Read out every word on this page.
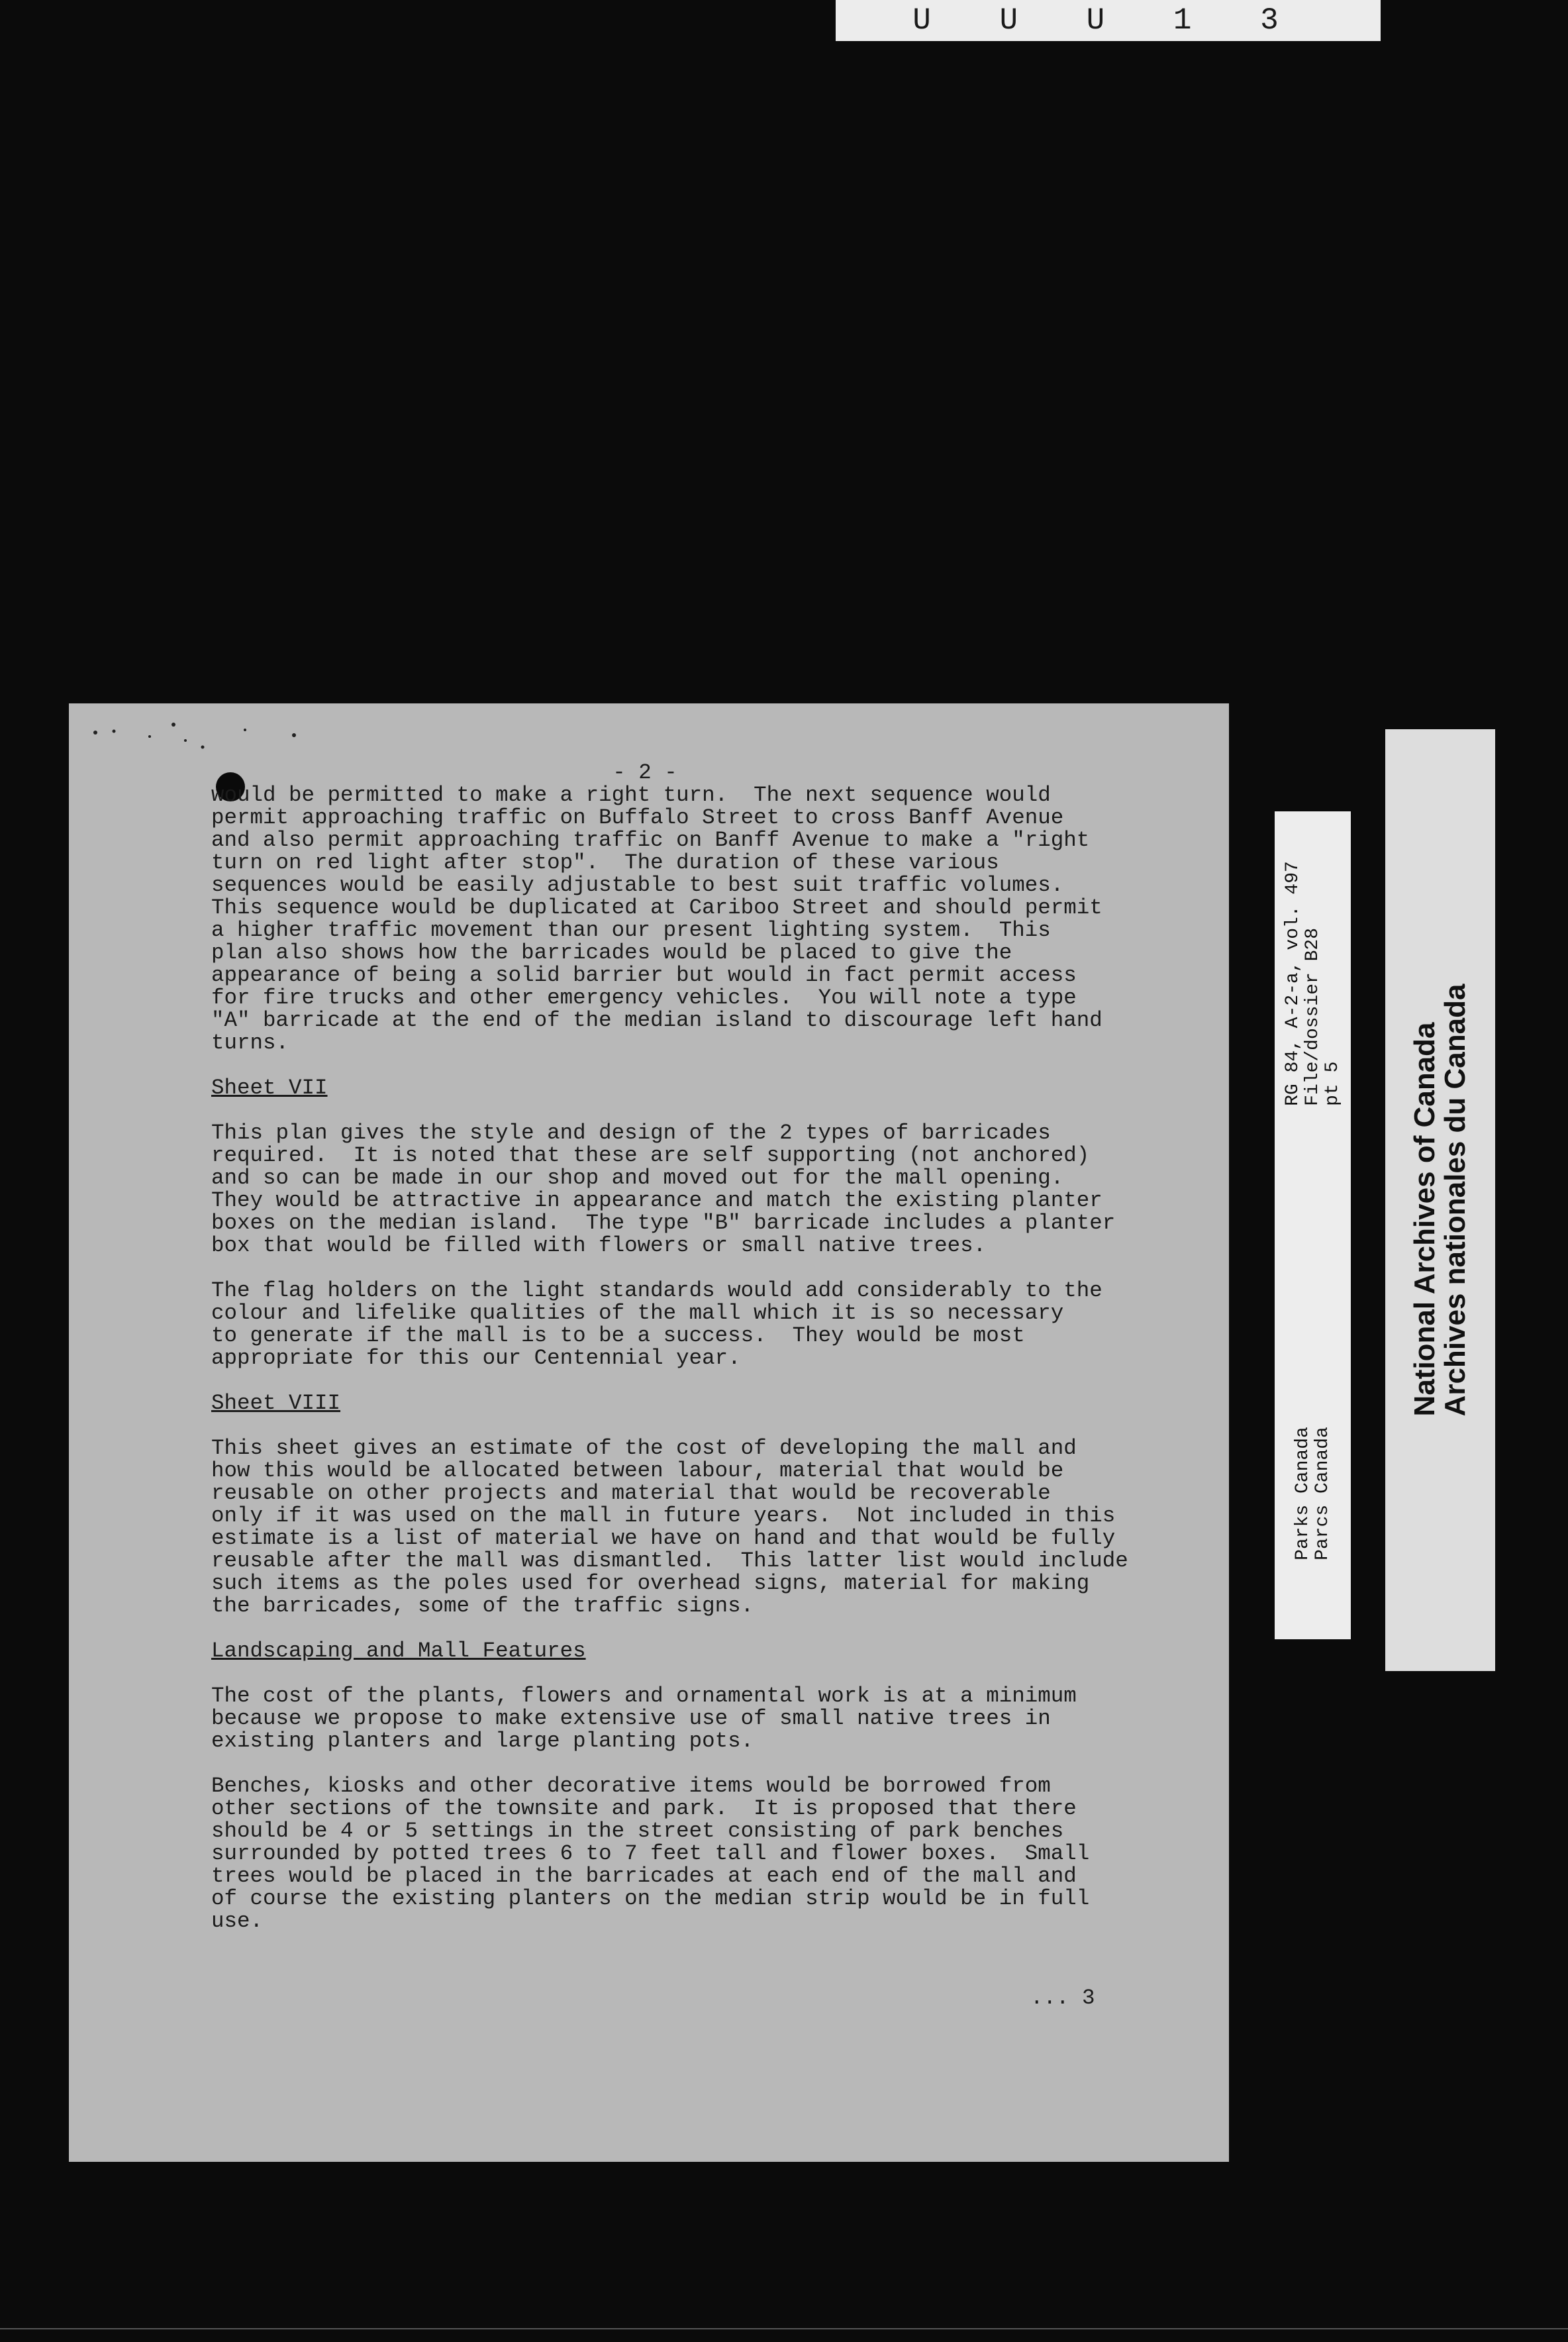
U U U 1 3
- 2 -
would be permitted to make a right turn.  The next sequence would
permit approaching traffic on Buffalo Street to cross Banff Avenue
and also permit approaching traffic on Banff Avenue to make a "right
turn on red light after stop".  The duration of these various
sequences would be easily adjustable to best suit traffic volumes.
This sequence would be duplicated at Cariboo Street and should permit
a higher traffic movement than our present lighting system.  This
plan also shows how the barricades would be placed to give the
appearance of being a solid barrier but would in fact permit access
for fire trucks and other emergency vehicles.  You will note a type
"A" barricade at the end of the median island to discourage left hand
turns.
Sheet VII
This plan gives the style and design of the 2 types of barricades
required.  It is noted that these are self supporting (not anchored)
and so can be made in our shop and moved out for the mall opening.
They would be attractive in appearance and match the existing planter
boxes on the median island.  The type "B" barricade includes a planter
box that would be filled with flowers or small native trees.
The flag holders on the light standards would add considerably to the
colour and lifelike qualities of the mall which it is so necessary
to generate if the mall is to be a success.  They would be most
appropriate for this our Centennial year.
Sheet VIII
This sheet gives an estimate of the cost of developing the mall and
how this would be allocated between labour, material that would be
reusable on other projects and material that would be recoverable
only if it was used on the mall in future years.  Not included in this
estimate is a list of material we have on hand and that would be fully
reusable after the mall was dismantled.  This latter list would include
such items as the poles used for overhead signs, material for making
the barricades, some of the traffic signs.
Landscaping and Mall Features
The cost of the plants, flowers and ornamental work is at a minimum
because we propose to make extensive use of small native trees in
existing planters and large planting pots.
Benches, kiosks and other decorative items would be borrowed from
other sections of the townsite and park.  It is proposed that there
should be 4 or 5 settings in the street consisting of park benches
surrounded by potted trees 6 to 7 feet tall and flower boxes.  Small
trees would be placed in the barricades at each end of the mall and
of course the existing planters on the median strip would be in full
use.
... 3
RG 84, A-2-a, vol. 497 File/dossier B28 pt 5
Parks Canada Parcs Canada
National Archives of Canada
Archives nationales du Canada
